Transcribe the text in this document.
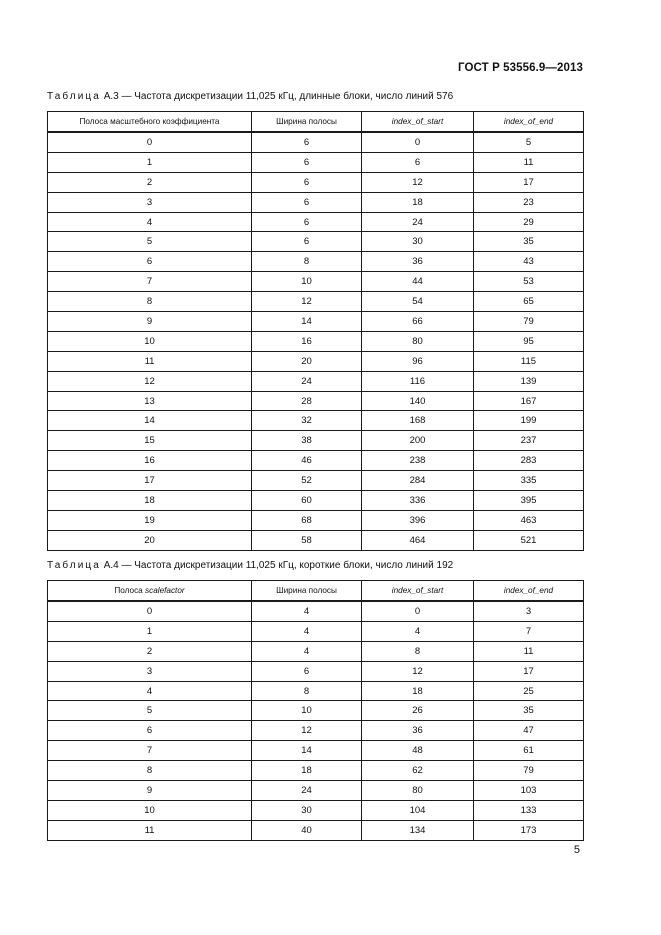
ГОСТ Р 53556.9—2013
Таблица А.3 — Частота дискретизации 11,025 кГц, длинные блоки, число линий 576
Полоса масштебного коэффициента	Ширина полосы	index_of_start	index_of_end
0	6	0	5
1	6	6	11
2	6	12	17
3	6	18	23
4	6	24	29
5	6	30	35
6	8	36	43
7	10	44	53
8	12	54	65
9	14	66	79
10	16	80	95
11	20	96	115
12	24	116	139
13	28	140	167
14	32	168	199
15	38	200	237
16	46	238	283
17	52	284	335
18	60	336	395
19	68	396	463
20	58	464	521
Таблица А.4 — Частота дискретизации 11,025 кГц, короткие блоки, число линий 192
Полоса scalefactor	Ширина полосы	index_of_start	index_of_end
0	4	0	3
1	4	4	7
2	4	8	11
3	6	12	17
4	8	18	25
5	10	26	35
6	12	36	47
7	14	48	61
8	18	62	79
9	24	80	103
10	30	104	133
11	40	134	173
5
